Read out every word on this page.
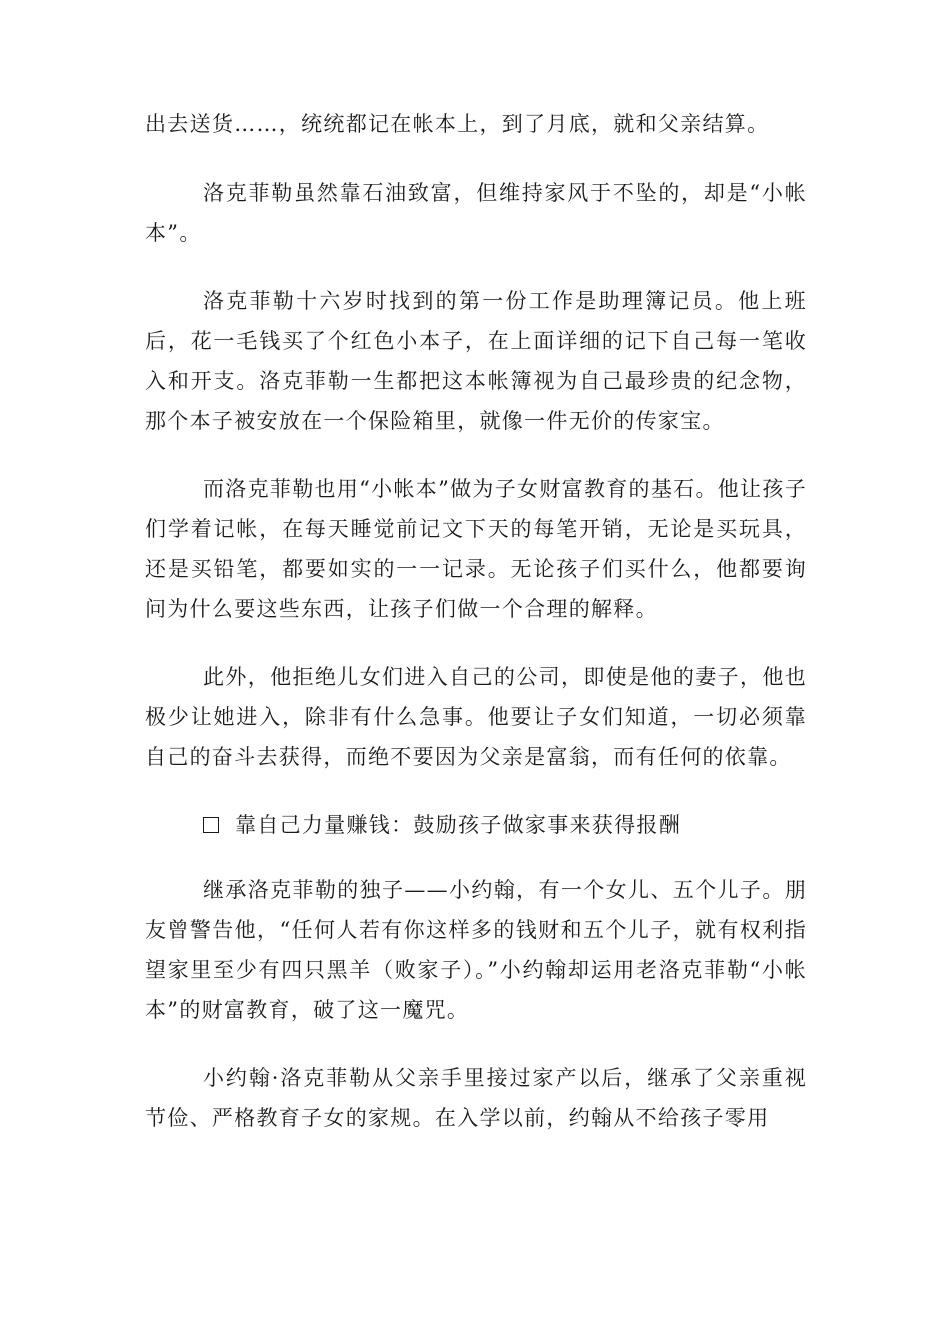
出去送货……，统统都记在帐本上，到了月底，就和父亲结算。

洛克菲勒虽然靠石油致富，但维持家风于不坠的，却是“小帐本”。

洛克菲勒十六岁时找到的第一份工作是助理簿记员。他上班后，花一毛钱买了个红色小本子，在上面详细的记下自己每一笔收入和开支。洛克菲勒一生都把这本帐簿视为自己最珍贵的纪念物，那个本子被安放在一个保险箱里，就像一件无价的传家宝。

而洛克菲勒也用“小帐本”做为子女财富教育的基石。他让孩子们学着记帐，在每天睡觉前记文下天的每笔开销，无论是买玩具，还是买铅笔，都要如实的一一记录。无论孩子们买什么，他都要询问为什么要这些东西，让孩子们做一个合理的解释。

此外，他拒绝儿女们进入自己的公司，即使是他的妻子，他也极少让她进入，除非有什么急事。他要让子女们知道，一切必须靠自己的奋斗去获得，而绝不要因为父亲是富翁，而有任何的依靠。

靠自己力量赚钱：鼓励孩子做家事来获得报酬

继承洛克菲勒的独子——小约翰，有一个女儿、五个儿子。朋友曾警告他，“任何人若有你这样多的钱财和五个儿子，就有权利指望家里至少有四只黑羊（败家子）。”小约翰却运用老洛克菲勒“小帐本”的财富教育，破了这一魔咒。

小约翰·洛克菲勒从父亲手里接过家产以后，继承了父亲重视节俭、严格教育子女的家规。在入学以前，约翰从不给孩子零用
